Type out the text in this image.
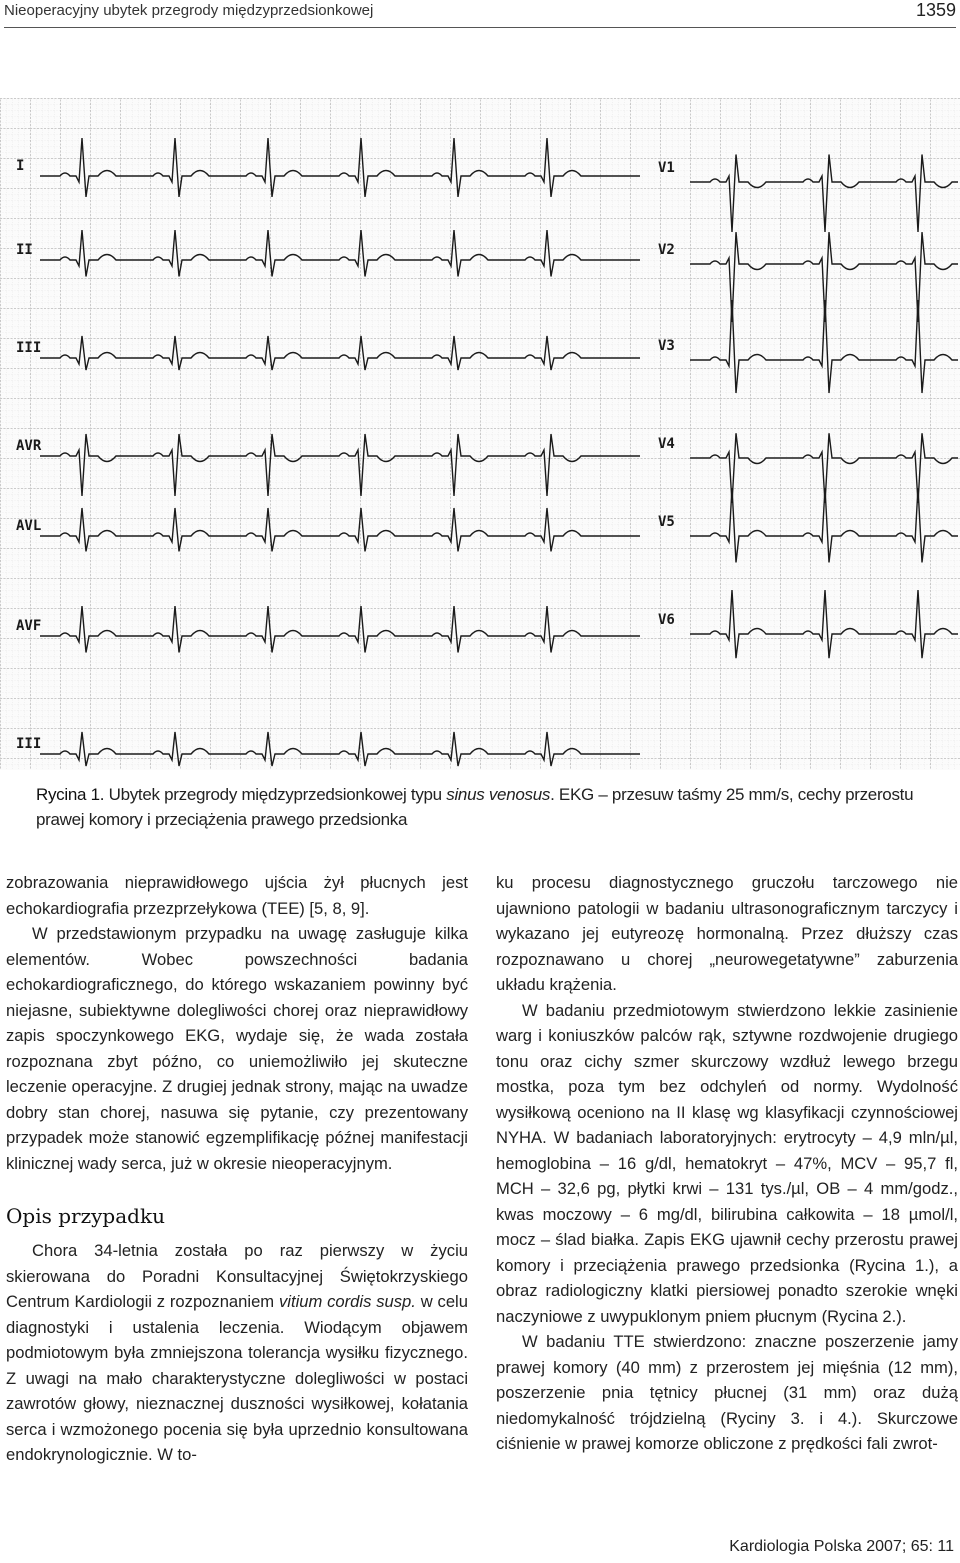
Nieoperacyjny ubytek przegrody międzyprzedsionkowej	1359
I
II
III
AVR
AVL
AVF
III
V1
V2
V3
V4
V5
V6
Rycina 1. Ubytek przegrody międzyprzedsionkowej typu sinus venosus. EKG – przesuw taśmy 25 mm/s, cechy przerostu prawej komory i przeciążenia prawego przedsionka

zobrazowania nieprawidłowego ujścia żył płucnych jest echokardiografia przezprzełykowa (TEE) [5, 8, 9].

W przedstawionym przypadku na uwagę zasługuje kilka elementów. Wobec powszechności badania echokardiograficznego, do którego wskazaniem powinny być niejasne, subiektywne dolegliwości chorej oraz nieprawidłowy zapis spoczynkowego EKG, wydaje się, że wada została rozpoznana zbyt późno, co uniemożliwiło jej skuteczne leczenie operacyjne. Z drugiej jednak strony, mając na uwadze dobry stan chorej, nasuwa się pytanie, czy prezentowany przypadek może stanowić egzemplifikację późnej manifestacji klinicznej wady serca, już w okresie nieoperacyjnym.

Opis przypadku

Chora 34-letnia została po raz pierwszy w życiu skierowana do Poradni Konsultacyjnej Świętokrzyskiego Centrum Kardiologii z rozpoznaniem vitium cordis susp. w celu diagnostyki i ustalenia leczenia. Wiodącym objawem podmiotowym była zmniejszona tolerancja wysiłku fizycznego. Z uwagi na mało charakterystyczne dolegliwości w postaci zawrotów głowy, nieznacznej duszności wysiłkowej, kołatania serca i wzmożonego pocenia się była uprzednio konsultowana endokrynologicznie. W to-

ku procesu diagnostycznego gruczołu tarczowego nie ujawniono patologii w badaniu ultrasonograficznym tarczycy i wykazano jej eutyreozę hormonalną. Przez dłuższy czas rozpoznawano u chorej „neurowegetatywne” zaburzenia układu krążenia.

W badaniu przedmiotowym stwierdzono lekkie zasinienie warg i koniuszków palców rąk, sztywne rozdwojenie drugiego tonu oraz cichy szmer skurczowy wzdłuż lewego brzegu mostka, poza tym bez odchyleń od normy. Wydolność wysiłkową oceniono na II klasę wg klasyfikacji czynnościowej NYHA. W badaniach laboratoryjnych: erytrocyty – 4,9 mln/µl, hemoglobina – 16 g/dl, hematokryt – 47%, MCV – 95,7 fl, MCH – 32,6 pg, płytki krwi – 131 tys./µl, OB – 4 mm/godz., kwas moczowy – 6 mg/dl, bilirubina całkowita – 18 µmol/l, mocz – ślad białka. Zapis EKG ujawnił cechy przerostu prawej komory i przeciążenia prawego przedsionka (Rycina 1.), a obraz radiologiczny klatki piersiowej ponadto szerokie wnęki naczyniowe z uwypuklonym pniem płucnym (Rycina 2.).

W badaniu TTE stwierdzono: znaczne poszerzenie jamy prawej komory (40 mm) z przerostem jej mięśnia (12 mm), poszerzenie pnia tętnicy płucnej (31 mm) oraz dużą niedomykalność trójdzielną (Ryciny 3. i 4.). Skurczowe ciśnienie w prawej komorze obliczone z prędkości fali zwrot-

Kardiologia Polska 2007; 65: 11
